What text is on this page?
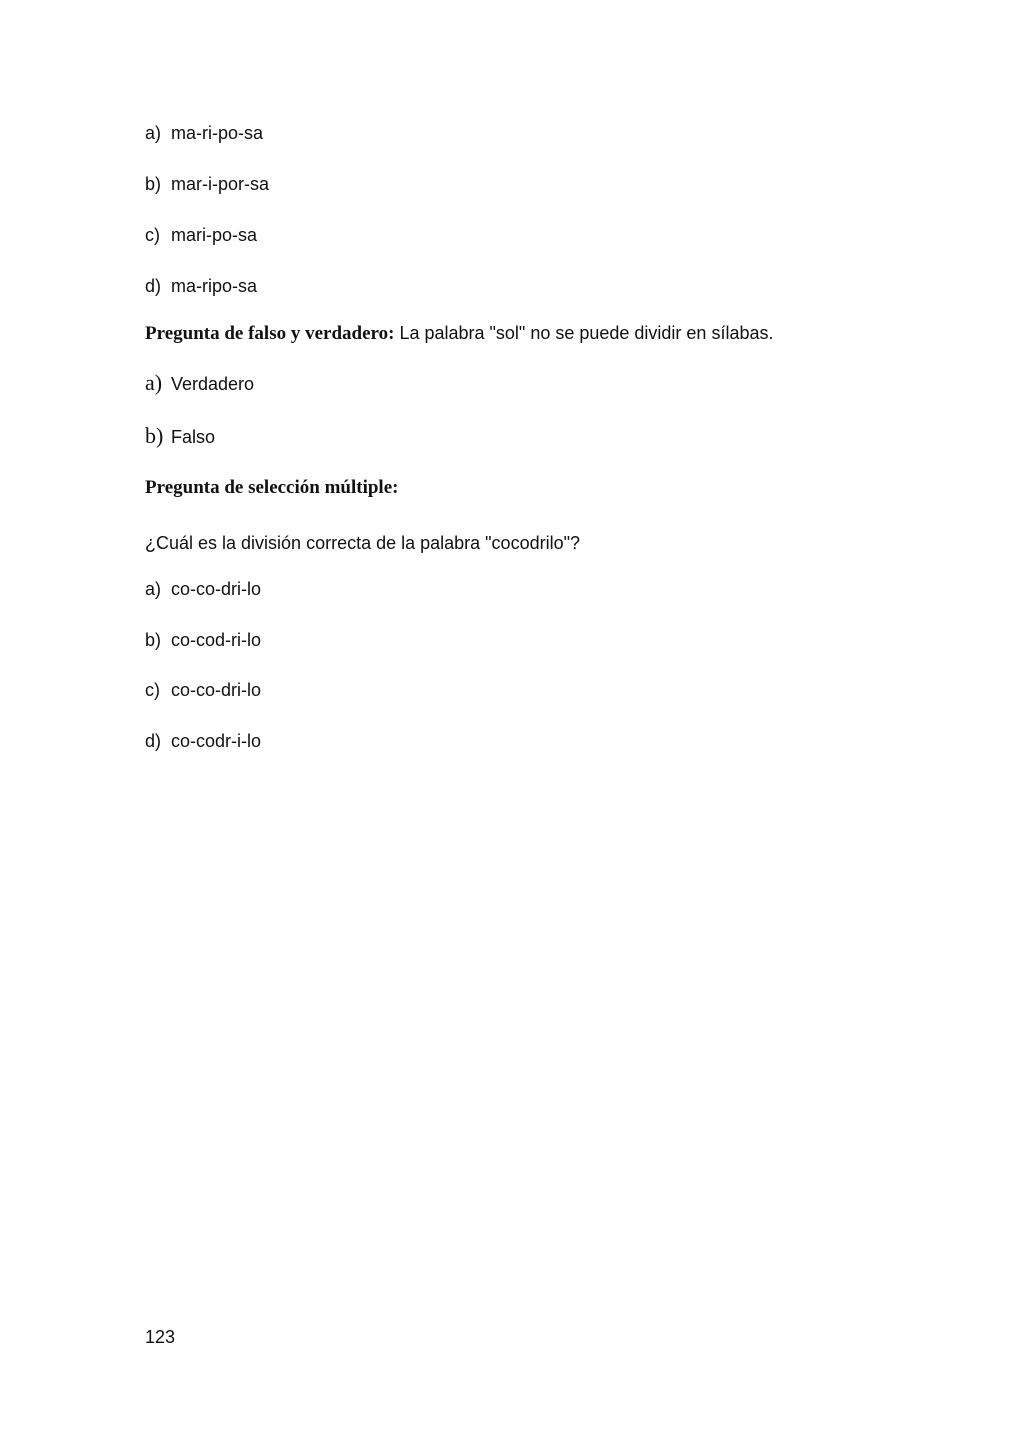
a) ma-ri-po-sa
b) mar-i-por-sa
c) mari-po-sa
d) ma-ripo-sa
Pregunta de falso y verdadero: La palabra "sol" no se puede dividir en sílabas.
a) Verdadero
b) Falso
Pregunta de selección múltiple:
¿Cuál es la división correcta de la palabra "cocodrilo"?
a) co-co-dri-lo
b) co-cod-ri-lo
c) co-co-dri-lo
d) co-codr-i-lo
123
